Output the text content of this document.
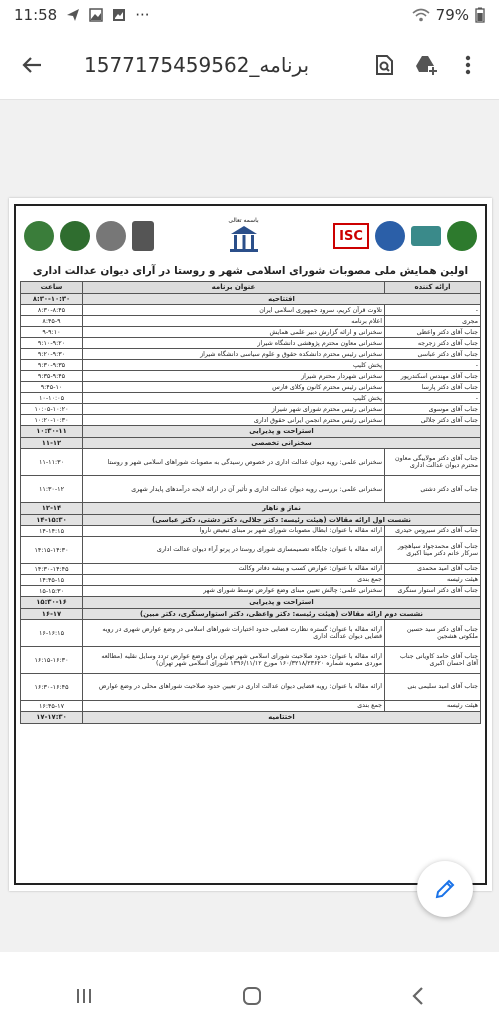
11:58	···	79%
1577175459562_برنامه
باسمه تعالی
ISC
اولین همایش ملی مصوبات شورای اسلامی شهر و روستا در آرای دیوان عدالت اداری
ارائه کننده	عنوان برنامه	ساعت
افتتاحیه		۸:۳۰-۱۰:۳۰
-	تلاوت قرآن کریم، سرود جمهوری اسلامی ایران	۸:۳۰-۸:۴۵
مجری	اعلام برنامه	۸:۴۵-۹
جناب آقای دکتر واعظی	سخنرانی و ارائه گزارش دبیر علمی همایش	۹-۹:۱۰
جناب آقای دکتر زجرجه	سخنرانی معاون محترم پژوهشی دانشگاه شیراز	۹:۱۰-۹:۲۰
جناب آقای دکتر عباسی	سخنرانی رئیس محترم دانشکده حقوق و علوم سیاسی دانشگاه شیراز	۹:۲۰-۹:۳۰
-	پخش کلیپ	۹:۳۰-۹:۳۵
جناب آقای مهندس اسکندرپور	سخنرانی شهردار محترم شیراز	۹:۳۵-۹:۴۵
جناب آقای دکتر پارسا	سخنرانی رئیس محترم کانون وکلای فارس	۹:۴۵-۱۰
-	پخش کلیپ	۱۰-۱۰:۰۵
جناب آقای موسوی	سخنرانی رئیس محترم شورای شهر شیراز	۱۰:۰۵-۱۰:۲۰
جناب آقای دکتر جلالی	سخنرانی رئیس محترم انجمن ایرانی حقوق اداری	۱۰:۲۰-۱۰:۳۰
استراحت و پذیرایی		۱۰:۳۰-۱۱
سخنرانی تخصصی		۱۱-۱۲
جناب آقای دکتر مولاییگی معاون محترم دیوان عدالت اداری	سخنرانی علمی: رویه دیوان عدالت اداری در خصوص رسیدگی به مصوبات شوراهای اسلامی شهر و روستا	۱۱-۱۱:۳۰
جناب آقای دکتر دشتی	سخنرانی علمی: بررسی رویه دیوان عدالت اداری و تأثیر آن در ارائه لایحه درآمدهای پایدار شهری	۱۱:۳۰-۱۲
نماز و ناهار		۱۲-۱۴
نشست اول ارائه مقالات (هیئت رئیسه: دکتر جلالی، دکتر دشتی، دکتر عباسی)		۱۴-۱۵:۳۰
جناب آقای دکتر سیروس حیدری	ارائه مقاله با عنوان: ابطال مصوبات شورای شهر بر مبنای تبعیض ناروا	۱۴-۱۴:۱۵
جناب آقای محمدجواد سیاهچور سرکار خانم دکتر مینا اکبری	ارائه مقاله با عنوان: جایگاه تصمیمسازی شورای روستا در پرتو آراء دیوان عدالت اداری	۱۴:۱۵-۱۴:۳۰
جناب آقای امید محمدی	ارائه مقاله با عنوان: عوارض کسب و پیشه دفاتر وکالت	۱۴:۳۰-۱۴:۴۵
هیئت رئیسه	جمع بندی	۱۴:۴۵-۱۵
جناب آقای دکتر استوار سنگری	سخنرانی علمی: چالش تعیین مبنای وضع عوارض توسط شورای شهر	۱۵-۱۵:۳۰
استراحت و پذیرایی		۱۵:۳۰-۱۶
نشست دوم ارائه مقالات (هیئت رئیسه: دکتر واعظی، دکتر استوارسنگری، دکتر مبین)		۱۶-۱۷
جناب آقای دکتر سید حسین ملکوتی هشجین	ارائه مقاله با عنوان: گستره نظارت قضایی حدود اختیارات شوراهای اسلامی در وضع عوارض شهری در رویه قضایی دیوان عدالت اداری	۱۶-۱۶:۱۵
جناب آقای حامد کاویانی جناب آقای احسان اکبری	ارائه مقاله با عنوان: حدود صلاحیت شورای اسلامی شهر تهران برای وضع عوارض تردد وسایل نقلیه (مطالعه موردی مصوبه شماره ۱۶۰/۳۲۱۸/۲۳۶۲۰ مورخ ۱۳۹۶/۱۱/۱۲ شورای اسلامی شهر تهران)	۱۶:۱۵-۱۶:۳۰
جناب آقای امید سلیمی بنی	ارائه مقاله با عنوان: رویه قضایی دیوان عدالت اداری در تعیین حدود صلاحیت شوراهای محلی در وضع عوارض	۱۶:۳۰-۱۶:۴۵
هیئت رئیسه	جمع بندی	۱۶:۴۵-۱۷
اختتامیه		۱۷-۱۷:۳۰
